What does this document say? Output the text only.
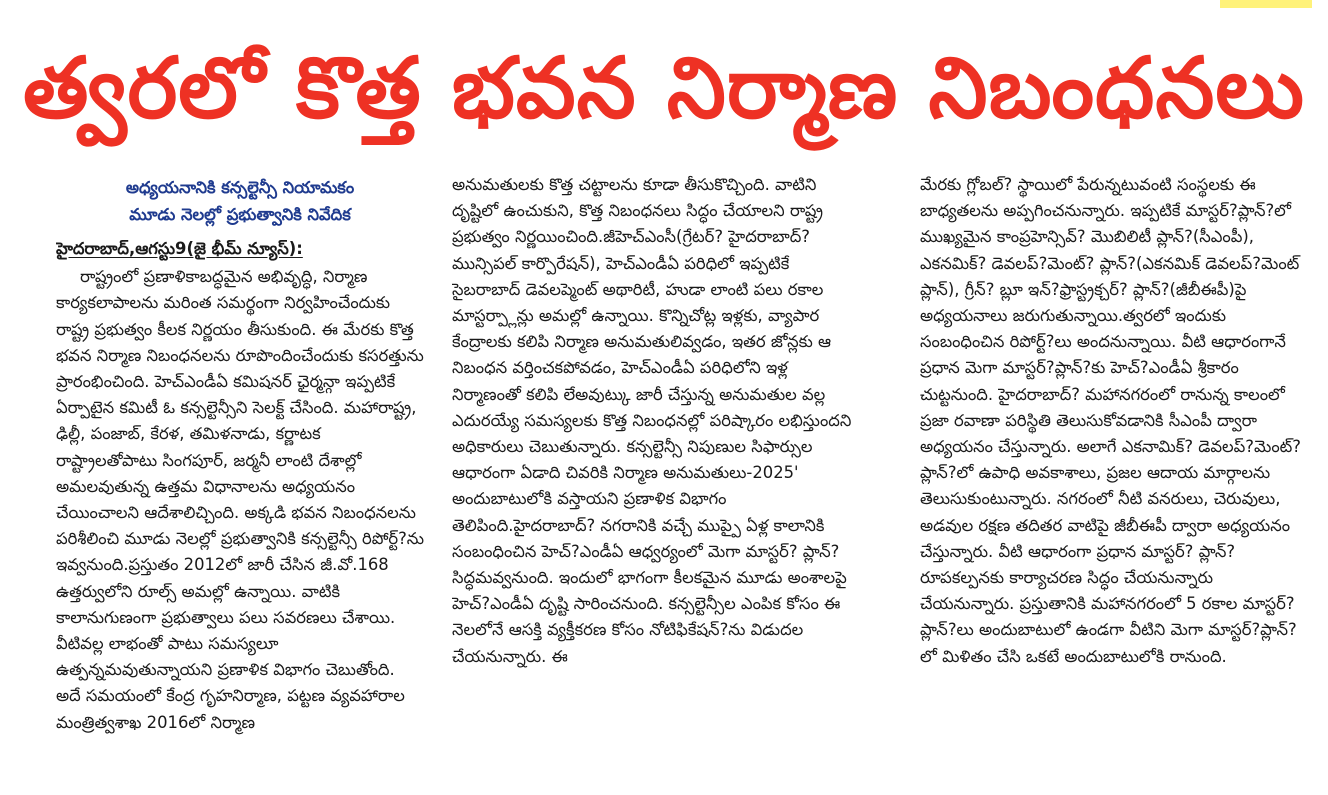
త్వరలో కొత్త భవన నిర్మాణ నిబంధనలు
అధ్యయనానికి కన్సల్టెన్సీ నియామకం
మూడు నెలల్లో ప్రభుత్వానికి నివేదిక
హైదరాబాద్,ఆగస్టు9(జై భీమ్ న్యూస్):

రాష్ట్రంలో ప్రణాళికాబద్ధమైన అభివృద్ధి, నిర్మాణ కార్యకలాపాలను మరింత సమర్థంగా నిర్వహించేందుకు రాష్ట్ర ప్రభుత్వం కీలక నిర్ణయం తీసుకుంది. ఈ మేరకు కొత్త భవన నిర్మాణ నిబంధనలను రూపొందించేందుకు కసరత్తును ప్రారంభించింది. హెచ్ఎండీఏ కమిషనర్ ఛైర్మన్గా ఇప్పటికే ఏర్పాటైన కమిటీ ఓ కన్సల్టెన్సీని సెలక్ట్ చేసింది. మహారాష్ట్ర, ఢిల్లీ, పంజాబ్, కేరళ, తమిళనాడు, కర్ణాటక రాష్ట్రాలతోపాటు సింగపూర్, జర్మనీ లాంటి దేశాల్లో అమలవుతున్న ఉత్తమ విధానాలను అధ్యయనం చేయించాలని ఆదేశాలిచ్చింది. అక్కడి భవన నిబంధనలను పరిశీలించి మూడు నెలల్లో ప్రభుత్వానికి కన్సల్టెన్సీ రిపోర్ట్?ను ఇవ్వనుంది.ప్రస్తుతం 2012లో జారీ చేసిన జీ.వో.168 ఉత్తర్వులోని రూల్స్ అమల్లో ఉన్నాయి. వాటికి కాలానుగుణంగా ప్రభుత్వాలు పలు సవరణలు చేశాయి. వీటివల్ల లాభంతో పాటు సమస్యలూ ఉత్పన్నమవుతున్నాయని ప్రణాళిక విభాగం చెబుతోంది. అదే సమయంలో కేంద్ర గృహనిర్మాణ, పట్టణ వ్యవహారాల మంత్రిత్వశాఖ 2016లో నిర్మాణ

అనుమతులకు కొత్త చట్టాలను కూడా తీసుకొచ్చింది. వాటిని దృష్టిలో ఉంచుకుని, కొత్త నిబంధనలు సిద్ధం చేయాలని రాష్ట్ర ప్రభుత్వం నిర్ణయించింది.జీహెచ్ఎంసీ(గ్రేటర్? హైదరాబాద్? మున్సిపల్ కార్పొరేషన్), హెచ్ఎండీఏ పరిధిలో ఇప్పటికే సైబరాబాద్ డెవలప్మెంట్ అథారిటీ, హుడా లాంటి పలు రకాల మాస్టర్ప్లాన్లు అమల్లో ఉన్నాయి. కొన్నిచోట్ల ఇళ్లకు, వ్యాపార కేంద్రాలకు కలిపి నిర్మాణ అనుమతులివ్వడం, ఇతర జోన్లకు ఆ నిబంధన వర్తించకపోవడం, హెచ్ఎండీఏ పరిధిలోని ఇళ్ల నిర్మాణంతో కలిపి లేఅవుట్కు జారీ చేస్తున్న అనుమతుల వల్ల ఎదురయ్యే సమస్యలకు కొత్త నిబంధనల్లో పరిష్కారం లభిస్తుందని అధికారులు చెబుతున్నారు. కన్సల్టెన్సీ నిపుణుల సిఫార్సుల ఆధారంగా ఏడాది చివరికి నిర్మాణ అనుమతులు-2025' అందుబాటులోకి వస్తాయని ప్రణాళిక విభాగం తెలిపింది.హైదరాబాద్? నగరానికి వచ్చే ముప్పై ఏళ్ల కాలానికి సంబంధించిన హెచ్?ఎండీఏ ఆధ్వర్యంలో మెగా మాస్టర్? ప్లాన్? సిద్ధమవ్వనుంది. ఇందులో భాగంగా కీలకమైన మూడు అంశాలపై హెచ్?ఎండీఏ దృష్టి సారించనుంది. కన్సల్టెన్సీల ఎంపిక కోసం ఈ నెలలోనే ఆసక్తి వ్యక్తీకరణ కోసం నోటిఫికేషన్?ను విడుదల చేయనున్నారు. ఈ

మేరకు గ్లోబల్? స్థాయిలో పేరున్నటువంటి సంస్థలకు ఈ బాధ్యతలను అప్పగించనున్నారు. ఇప్పటికే మాస్టర్?ప్లాన్?లో ముఖ్యమైన కాంప్రహెన్సివ్? మొబిలిటీ ప్లాన్?(సీఎంపీ), ఎకనమిక్? డెవలప్?మెంట్? ప్లాన్?(ఎకనమిక్ డెవలప్?మెంట్ ప్లాన్), గ్రీన్? బ్లూ ఇన్?ఫ్రాస్ట్రక్చర్? ప్లాన్?(జీబీఈపీ)పై అధ్యయనాలు జరుగుతున్నాయి.త్వరలో ఇందుకు సంబంధించిన రిపోర్ట్?లు అందనున్నాయి. వీటి ఆధారంగానే ప్రధాన మెగా మాస్టర్?ప్లాన్?కు హెచ్?ఎండీఏ శ్రీకారం చుట్టనుంది. హైదరాబాద్? మహానగరంలో రానున్న కాలంలో ప్రజా రవాణా పరిస్థితి తెలుసుకోవడానికి సీఎంపీ ద్వారా అధ్యయనం చేస్తున్నారు. అలాగే ఎకనామిక్? డెవలప్?మెంట్? ప్లాన్?లో ఉపాధి అవకాశాలు, ప్రజల ఆదాయ మార్గాలను తెలుసుకుంటున్నారు. నగరంలో నీటి వనరులు, చెరువులు, అడవుల రక్షణ తదితర వాటిపై జీబీఈపీ ద్వారా అధ్యయనం చేస్తున్నారు. వీటి ఆధారంగా ప్రధాన మాస్టర్? ప్లాన్? రూపకల్పనకు కార్యాచరణ సిద్ధం చేయనున్నారు చేయనున్నారు. ప్రస్తుతానికి మహానగరంలో 5 రకాల మాస్టర్?ప్లాన్?లు అందుబాటులో ఉండగా వీటిని మెగా మాస్టర్?ప్లాన్?లో మిళితం చేసి ఒకటే అందుబాటులోకి రానుంది.
